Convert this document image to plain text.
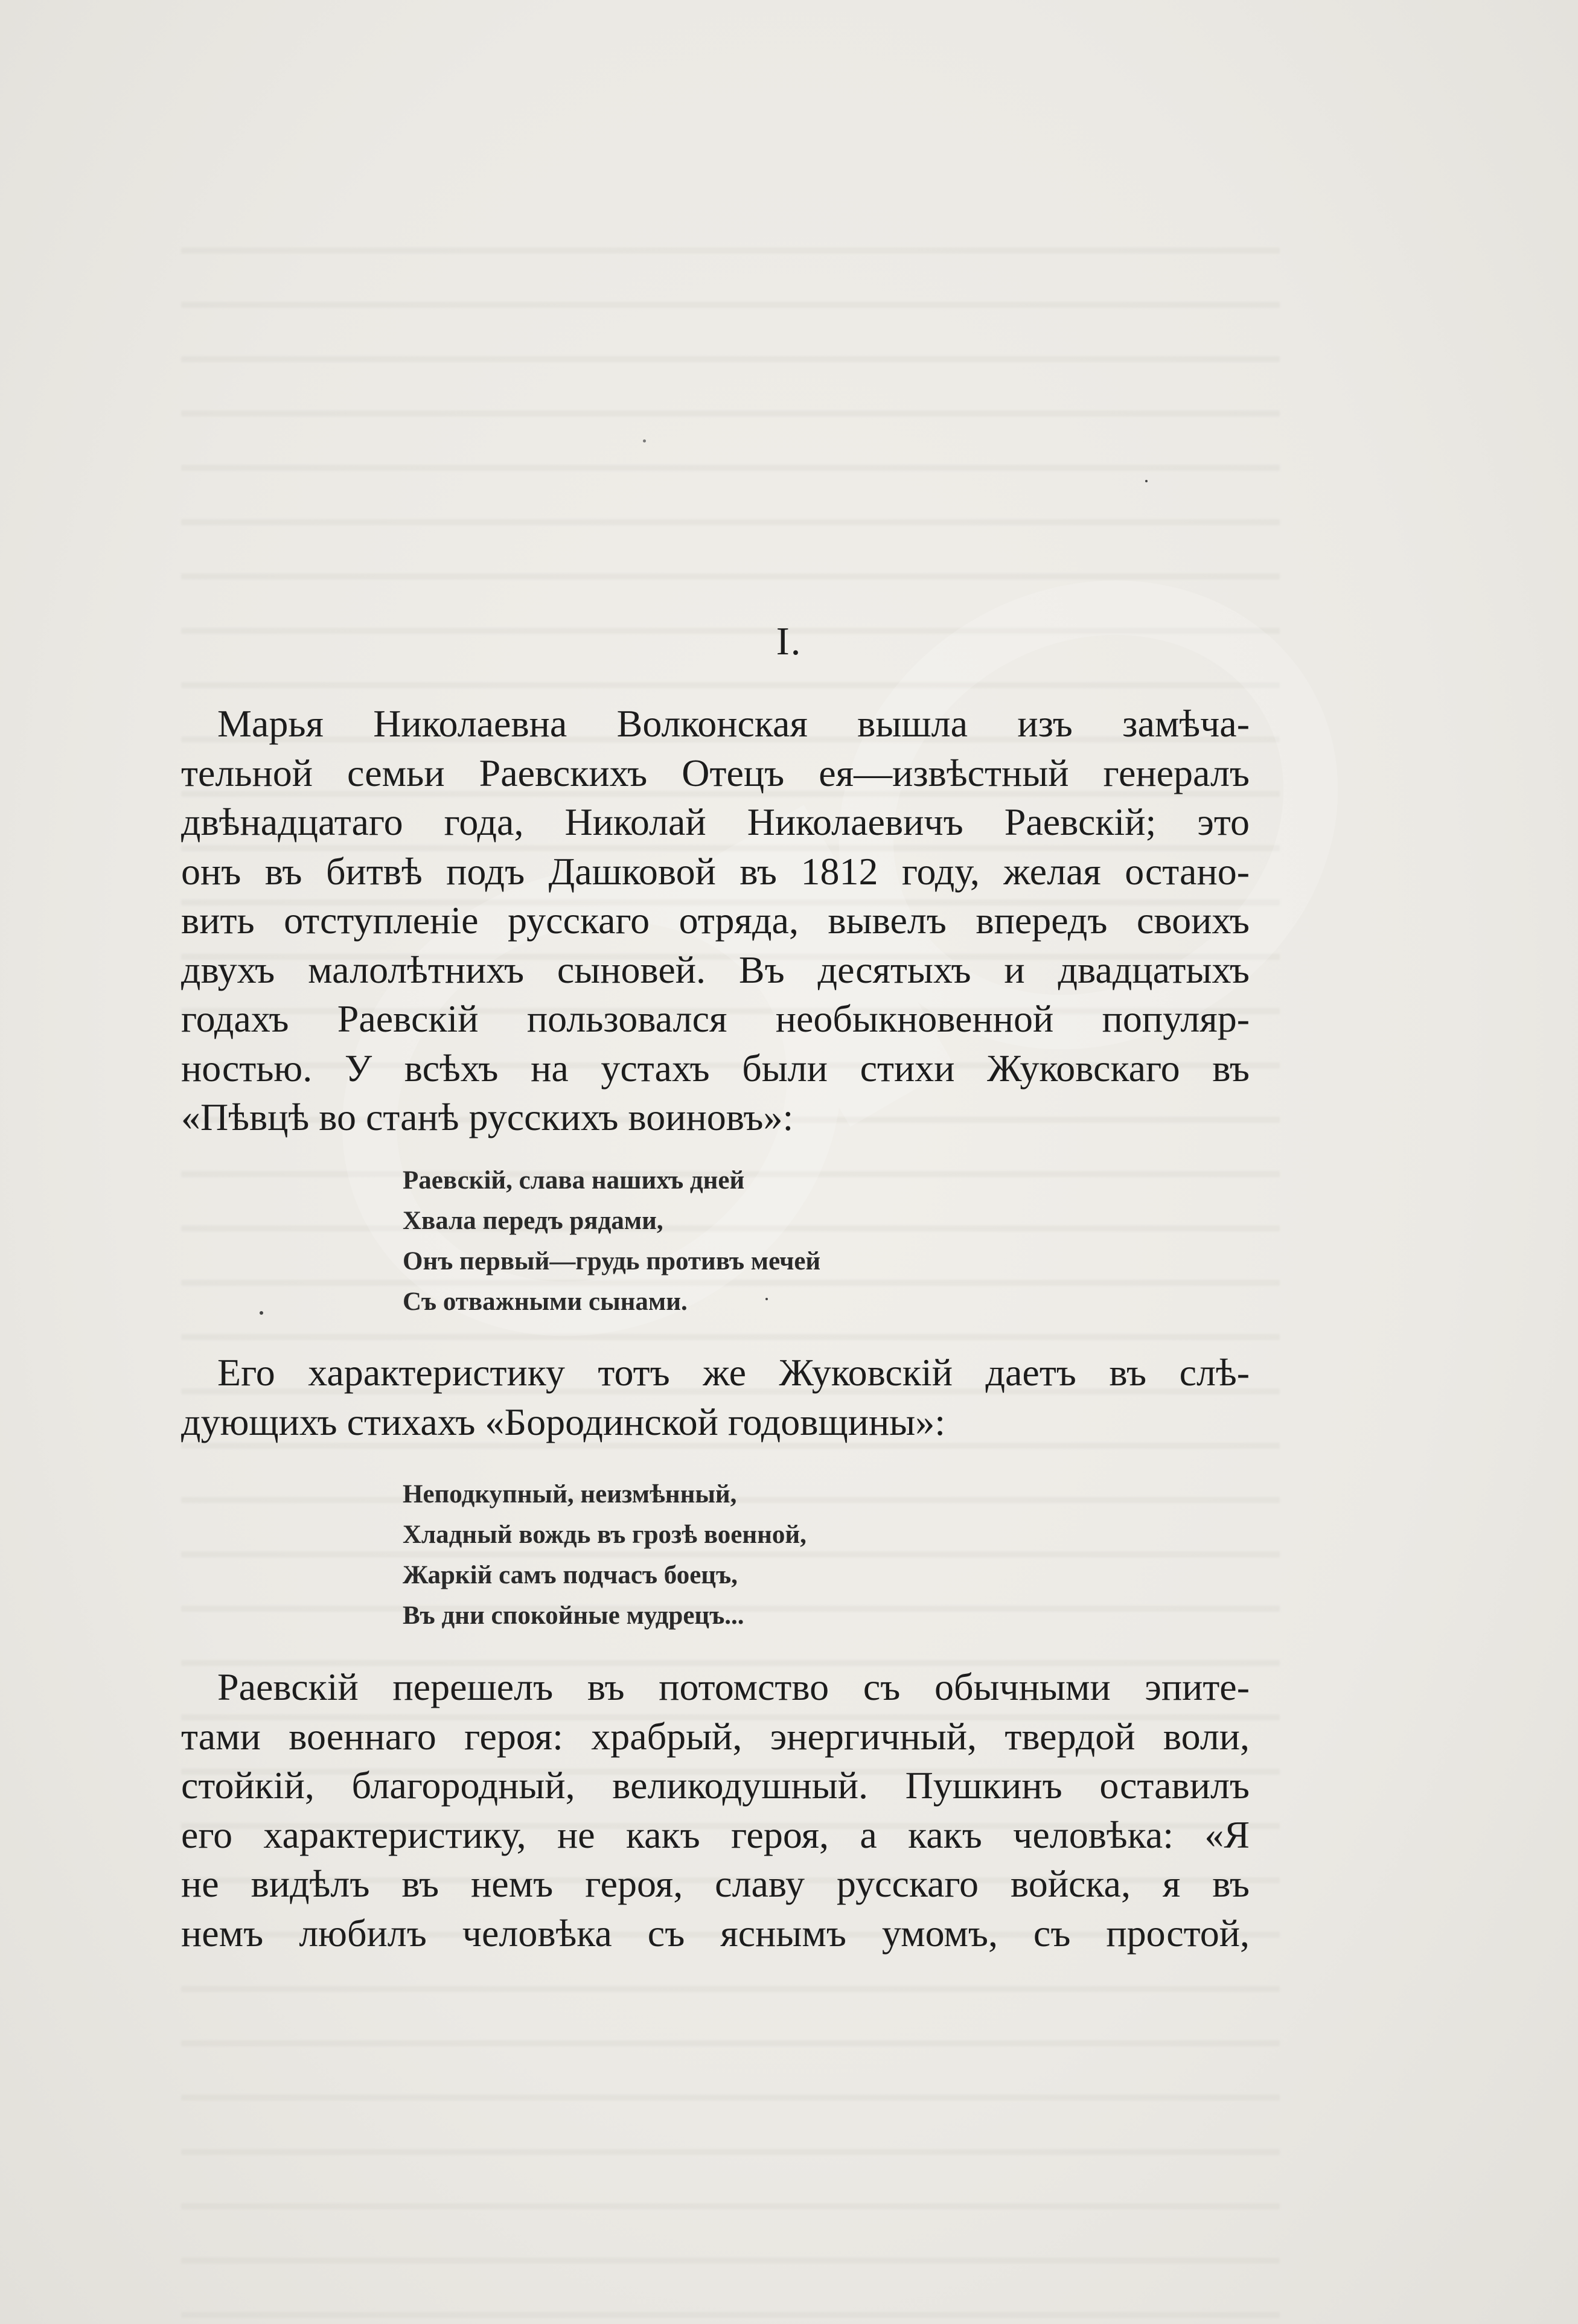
I.
Марья Николаевна Волконская вышла изъ замѣча-
тельной семьи Раевскихъ Отецъ ея—извѣстный генералъ
двѣнадцатаго года, Николай Николаевичъ Раевскій; это
онъ въ битвѣ подъ Дашковой въ 1812 году, желая остано-
вить отступленіе русскаго отряда, вывелъ впередъ своихъ
двухъ малолѣтнихъ сыновей. Въ десятыхъ и двадцатыхъ
годахъ Раевскій пользовался необыкновенной популяр-
ностью. У всѣхъ на устахъ были стихи Жуковскаго въ
«Пѣвцѣ во станѣ русскихъ воиновъ»:
Раевскій, слава нашихъ дней
Хвала передъ рядами,
Онъ первый—грудь противъ мечей
Съ отважными сынами.
Его характеристику тотъ же Жуковскій даетъ въ слѣ-
дующихъ стихахъ «Бородинской годовщины»:
Неподкупный, неизмѣнный,
Хладный вождь въ грозѣ военной,
Жаркій самъ подчасъ боецъ,
Въ дни спокойные мудрецъ...
Раевскій перешелъ въ потомство съ обычными эпите-
тами военнаго героя: храбрый, энергичный, твердой воли,
стойкій, благородный, великодушный. Пушкинъ оставилъ
его характеристику, не какъ героя, а какъ человѣка: «Я
не видѣлъ въ немъ героя, славу русскаго войска, я въ
немъ любилъ человѣка съ яснымъ умомъ, съ простой,
